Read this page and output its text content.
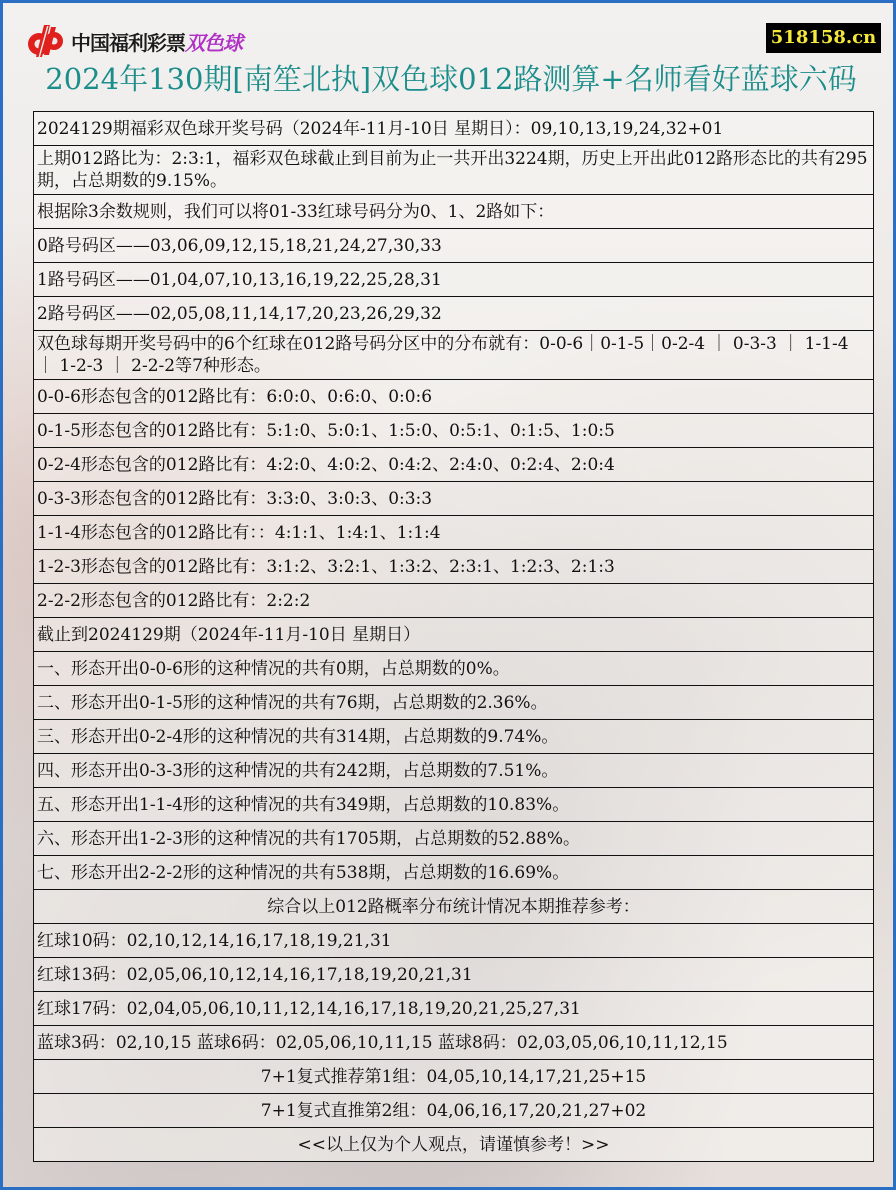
中国福利彩票 双色球	518158.cn
2024年130期[南笙北执]双色球012路测算+名师看好蓝球六码
2024129期福彩双色球开奖号码（2024年-11月-10日 星期日）：09,10,13,19,24,32+01
上期012路比为：2:3:1，福彩双色球截止到目前为止一共开出3224期，历史上开出此012路形态比的共有295期，占总期数的9.15%。
根据除3余数规则，我们可以将01-33红球号码分为0、1、2路如下：
0路号码区——03,06,09,12,15,18,21,24,27,30,33
1路号码区——01,04,07,10,13,16,19,22,25,28,31
2路号码区——02,05,08,11,14,17,20,23,26,29,32
双色球每期开奖号码中的6个红球在012路号码分区中的分布就有：0-0-6｜0-1-5｜0-2-4 ｜ 0-3-3 ｜ 1-1-4 ｜ 1-2-3 ｜ 2-2-2等7种形态。
0-0-6形态包含的012路比有：6:0:0、0:6:0、0:0:6
0-1-5形态包含的012路比有：5:1:0、5:0:1、1:5:0、0:5:1、0:1:5、1:0:5
0-2-4形态包含的012路比有：4:2:0、4:0:2、0:4:2、2:4:0、0:2:4、2:0:4
0-3-3形态包含的012路比有：3:3:0、3:0:3、0:3:3
1-1-4形态包含的012路比有：：4:1:1、1:4:1、1:1:4
1-2-3形态包含的012路比有：3:1:2、3:2:1、1:3:2、2:3:1、1:2:3、2:1:3
2-2-2形态包含的012路比有：2:2:2
截止到2024129期（2024年-11月-10日 星期日）
一、形态开出0-0-6形的这种情况的共有0期，占总期数的0%。
二、形态开出0-1-5形的这种情况的共有76期，占总期数的2.36%。
三、形态开出0-2-4形的这种情况的共有314期，占总期数的9.74%。
四、形态开出0-3-3形的这种情况的共有242期，占总期数的7.51%。
五、形态开出1-1-4形的这种情况的共有349期，占总期数的10.83%。
六、形态开出1-2-3形的这种情况的共有1705期，占总期数的52.88%。
七、形态开出2-2-2形的这种情况的共有538期，占总期数的16.69%。
综合以上012路概率分布统计情况本期推荐参考：
红球10码：02,10,12,14,16,17,18,19,21,31
红球13码：02,05,06,10,12,14,16,17,18,19,20,21,31
红球17码：02,04,05,06,10,11,12,14,16,17,18,19,20,21,25,27,31
蓝球3码：02,10,15 蓝球6码：02,05,06,10,11,15 蓝球8码：02,03,05,06,10,11,12,15
7+1复式推荐第1组：04,05,10,14,17,21,25+15
7+1复式直推第2组：04,06,16,17,20,21,27+02
<<以上仅为个人观点，请谨慎参考！>>
